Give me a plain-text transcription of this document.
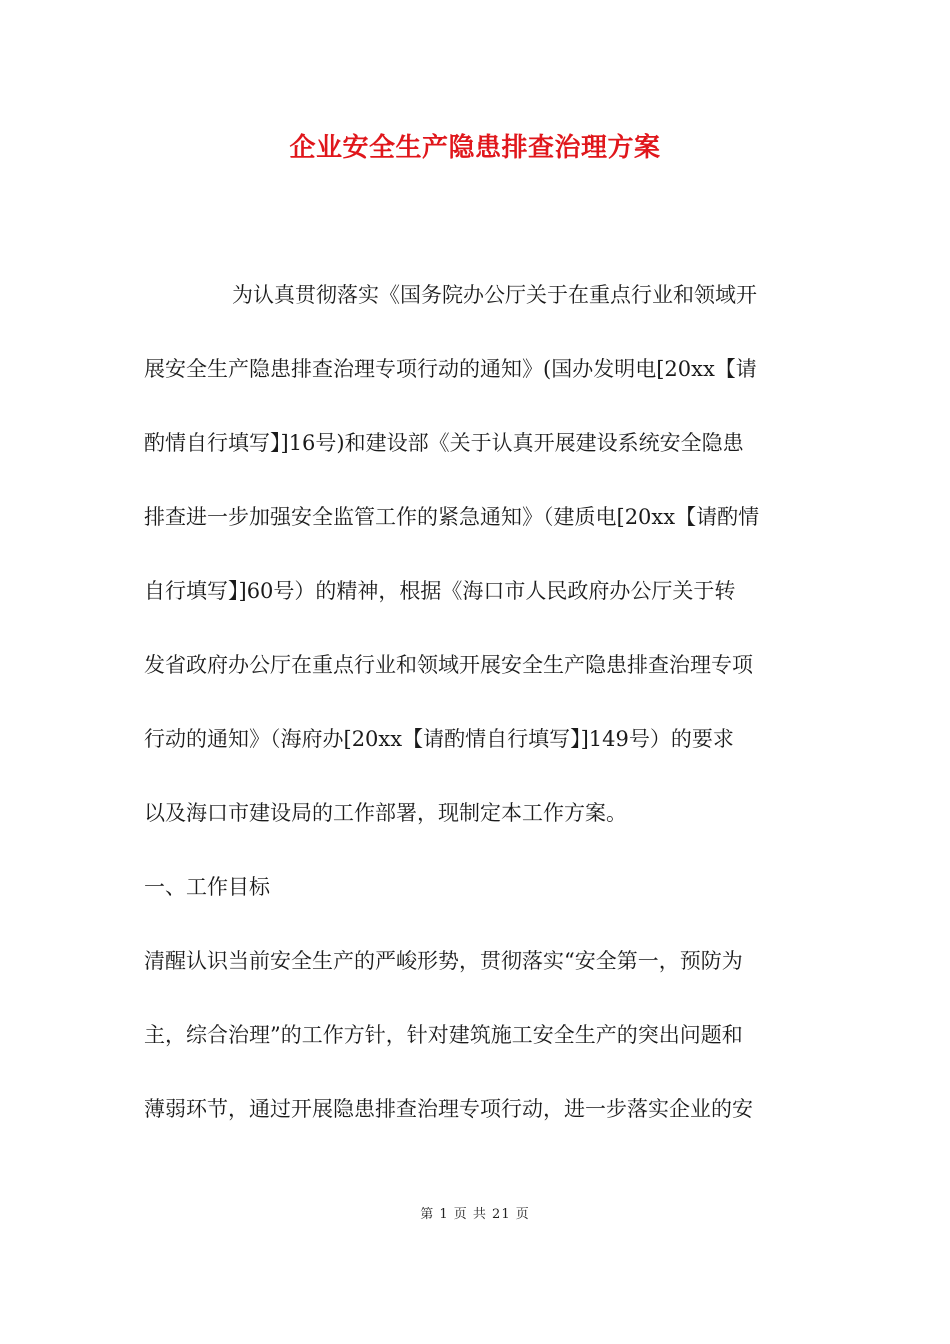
企业安全生产隐患排查治理方案
为认真贯彻落实《国务院办公厅关于在重点行业和领域开
展安全生产隐患排查治理专项行动的通知》(国办发明电[20xx【请
酌情自行填写】]16号)和建设部《关于认真开展建设系统安全隐患
排查进一步加强安全监管工作的紧急通知》（建质电[20xx【请酌情
自行填写】]60号）的精神，根据《海口市人民政府办公厅关于转
发省政府办公厅在重点行业和领域开展安全生产隐患排查治理专项
行动的通知》（海府办[20xx【请酌情自行填写】]149号）的要求
以及海口市建设局的工作部署，现制定本工作方案。
一、工作目标
清醒认识当前安全生产的严峻形势，贯彻落实“安全第一，预防为
主，综合治理”的工作方针，针对建筑施工安全生产的突出问题和
薄弱环节，通过开展隐患排查治理专项行动，进一步落实企业的安
第 1 页 共 21 页
